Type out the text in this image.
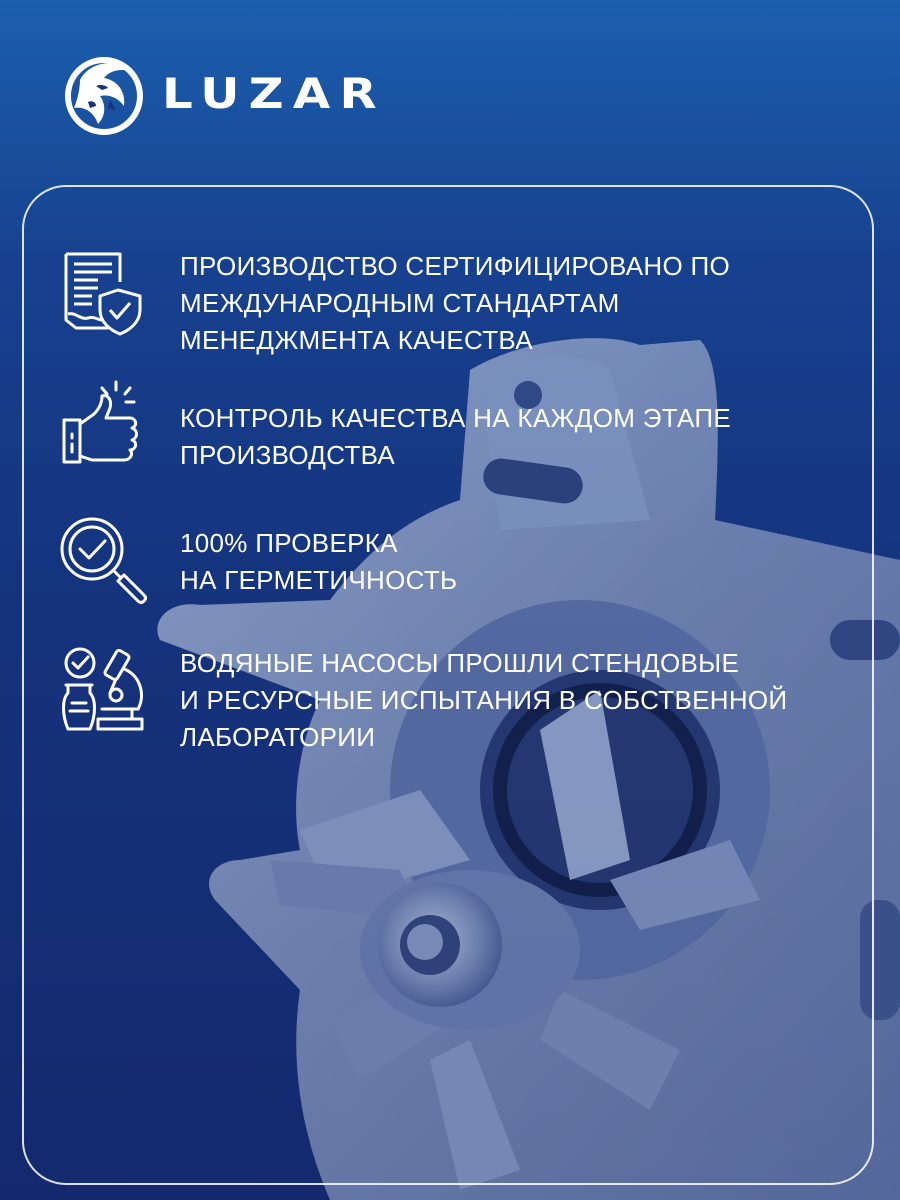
LUZAR
ПРОИЗВОДСТВО СЕРТИФИЦИРОВАНО ПО
МЕЖДУНАРОДНЫМ СТАНДАРТАМ
МЕНЕДЖМЕНТА КАЧЕСТВА
КОНТРОЛЬ КАЧЕСТВА НА КАЖДОМ ЭТАПЕ
ПРОИЗВОДСТВА
100% ПРОВЕРКА
НА ГЕРМЕТИЧНОСТЬ
ВОДЯНЫЕ НАСОСЫ ПРОШЛИ СТЕНДОВЫЕ
И РЕСУРСНЫЕ ИСПЫТАНИЯ В СОБСТВЕННОЙ
ЛАБОРАТОРИИ
